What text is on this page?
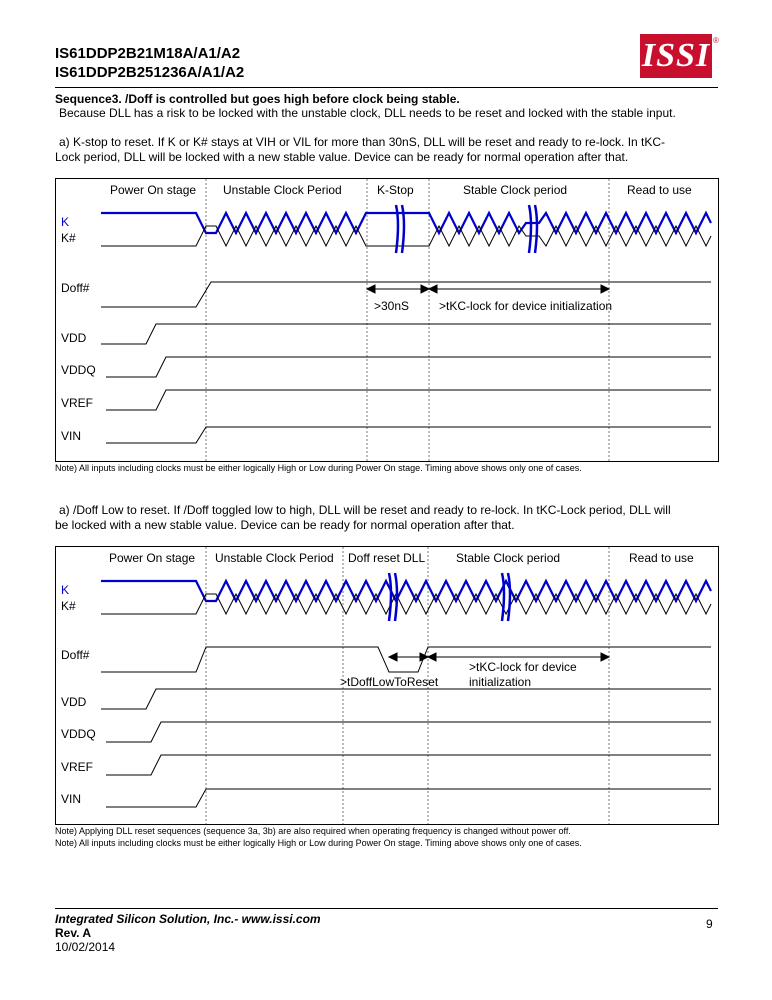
IS61DDP2B21M18A/A1/A2
IS61DDP2B251236A/A1/A2	ISSI ®
Sequence3. /Doff is controlled but goes high before clock being stable.
Because DLL has a risk to be locked with the unstable clock, DLL needs to be reset and locked with the stable input.
a) K-stop to reset. If K or K# stays at VIH or VIL for more than 30nS, DLL will be reset and ready to re-lock. In tKC-
Lock period, DLL will be locked with a new stable value. Device can be ready for normal operation after that.
Power On stage Unstable Clock Period	K-Stop	Stable Clock period	Read to use
K
K#
Doff#
VDD
VDDQ
VREF
VIN
>30nS >tKC-lock for device initialization
Note) All inputs including clocks must be either logically High or Low during Power On stage. Timing above shows only one of cases.
a) /Doff Low to reset. If /Doff toggled low to high, DLL will be reset and ready to re-lock. In tKC-Lock period, DLL will
be locked with a new stable value. Device can be ready for normal operation after that.
Power On stage Unstable Clock Period Doff reset DLL	Stable Clock period	Read to use
K
K#
Doff#
VDD
VDDQ
VREF
VIN
>tDoffLowToReset
>tKC-lock for device
initialization
Note) Applying DLL reset sequences (sequence 3a, 3b) are also required when operating frequency is changed without power off.
Note) All inputs including clocks must be either logically High or Low during Power On stage. Timing above shows only one of cases.
Integrated Silicon Solution, Inc.- www.issi.com
Rev. A
10/02/2014
9
